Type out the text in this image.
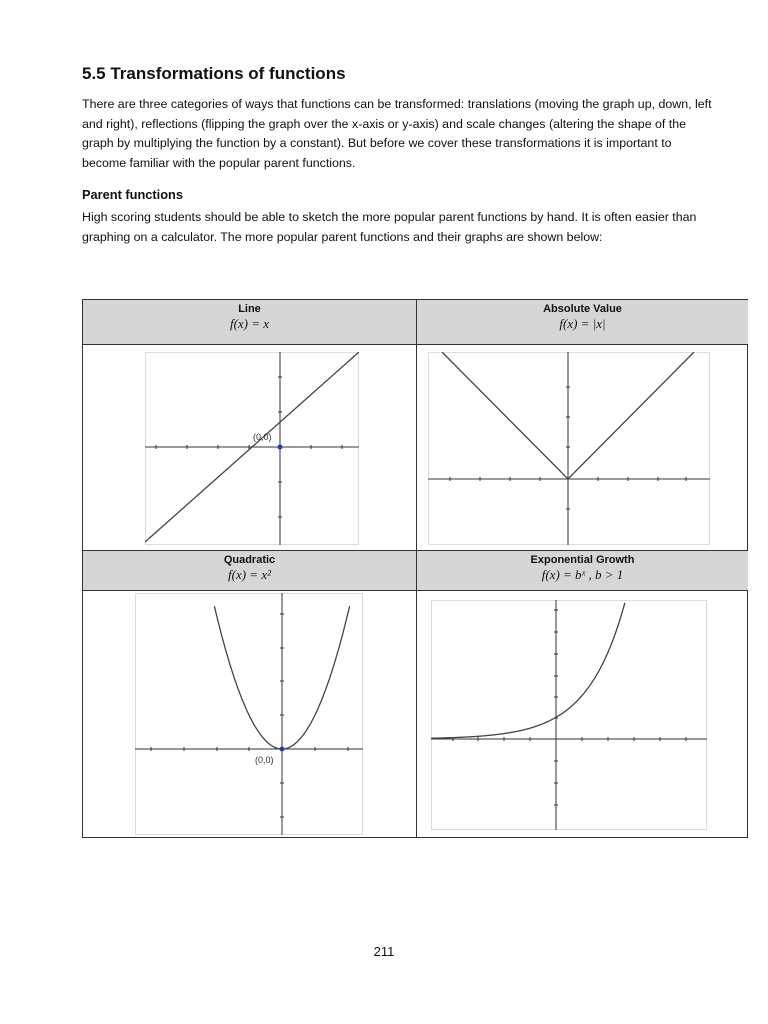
5.5 Transformations of functions

There are three categories of ways that functions can be transformed: translations (moving the graph up, down, left and right), reflections (flipping the graph over the x-axis or y-axis) and scale changes (altering the shape of the graph by multiplying the function by a constant). But before we cover these transformations it is important to become familiar with the popular parent functions.

Parent functions

High scoring students should be able to sketch the more popular parent functions by hand. It is often easier than graphing on a calculator. The more popular parent functions and their graphs are shown below:

Line
f(x) = x
Absolute Value
f(x) = |x|
Quadratic
f(x) = x²
Exponential Growth
f(x) = bˣ , b > 1
(0,0)
(0,0)
211
